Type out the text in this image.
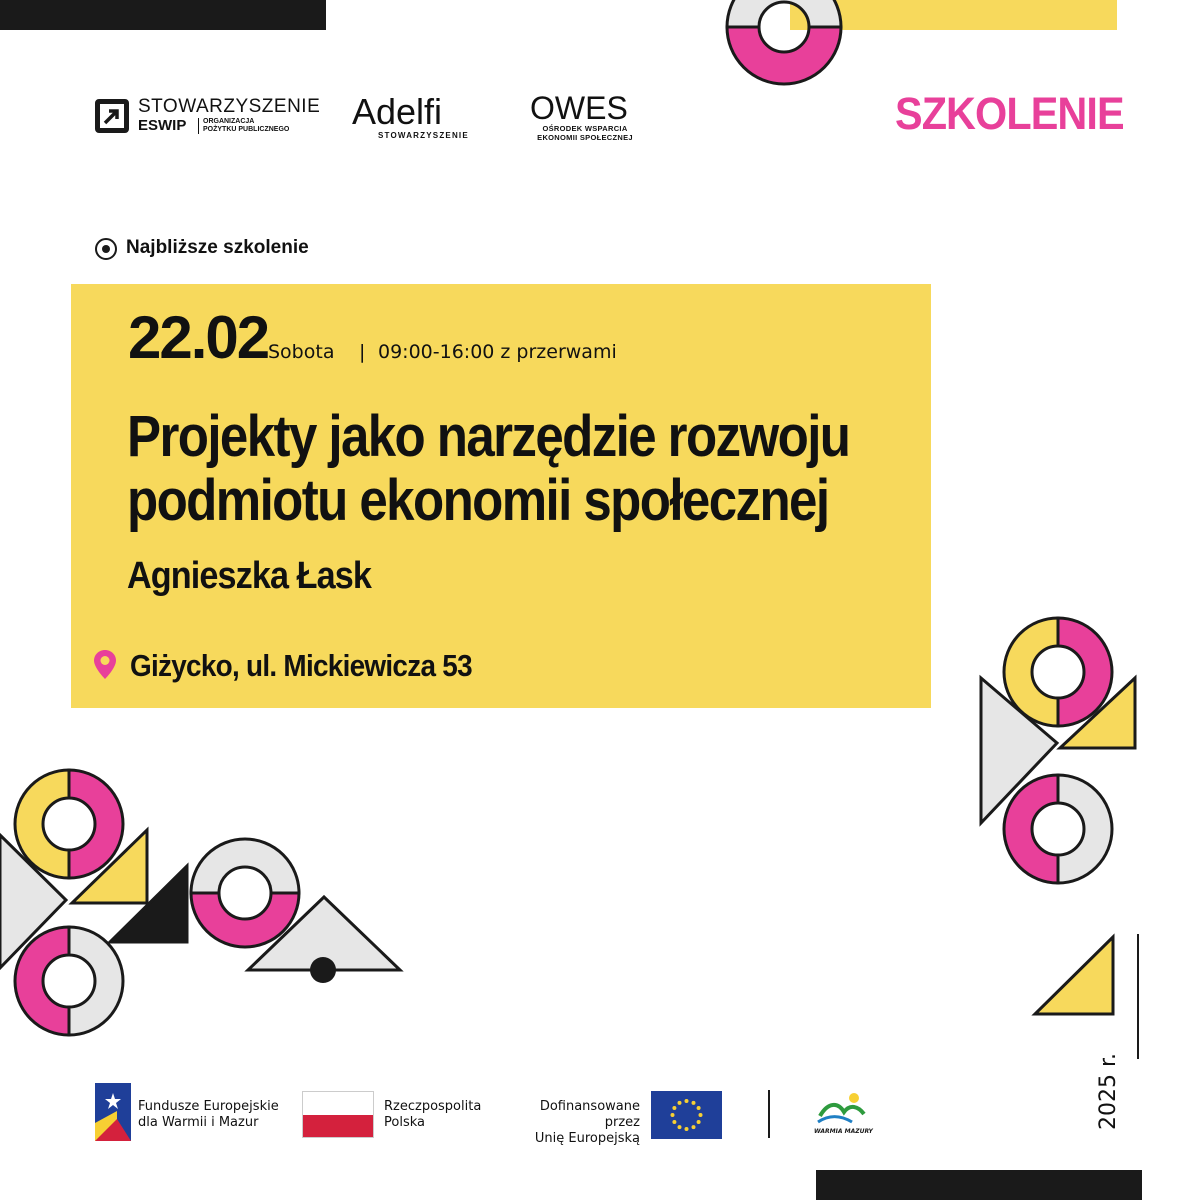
STOWARZYSZENIE
ESWIP ORGANIZACJA
POŻYTKU PUBLICZNEGO	Adelfi
STOWARZYSZENIE
OWES
OŚRODEK WSPARCIA
EKONOMII SPOŁECZNEJ	SZKOLENIE
Najbliższe szkolenie
22.02 Sobota | 09:00-16:00 z przerwami
Projekty jako narzędzie rozwoju
podmiotu ekonomii społecznej
Agnieszka Łask
Giżycko, ul. Mickiewicza 53
Fundusze Europejskie
dla Warmii i Mazur
Rzeczpospolita
Polska
Dofinansowane przez
Unię Europejską	WARMIA MAZURY
2025 r.
